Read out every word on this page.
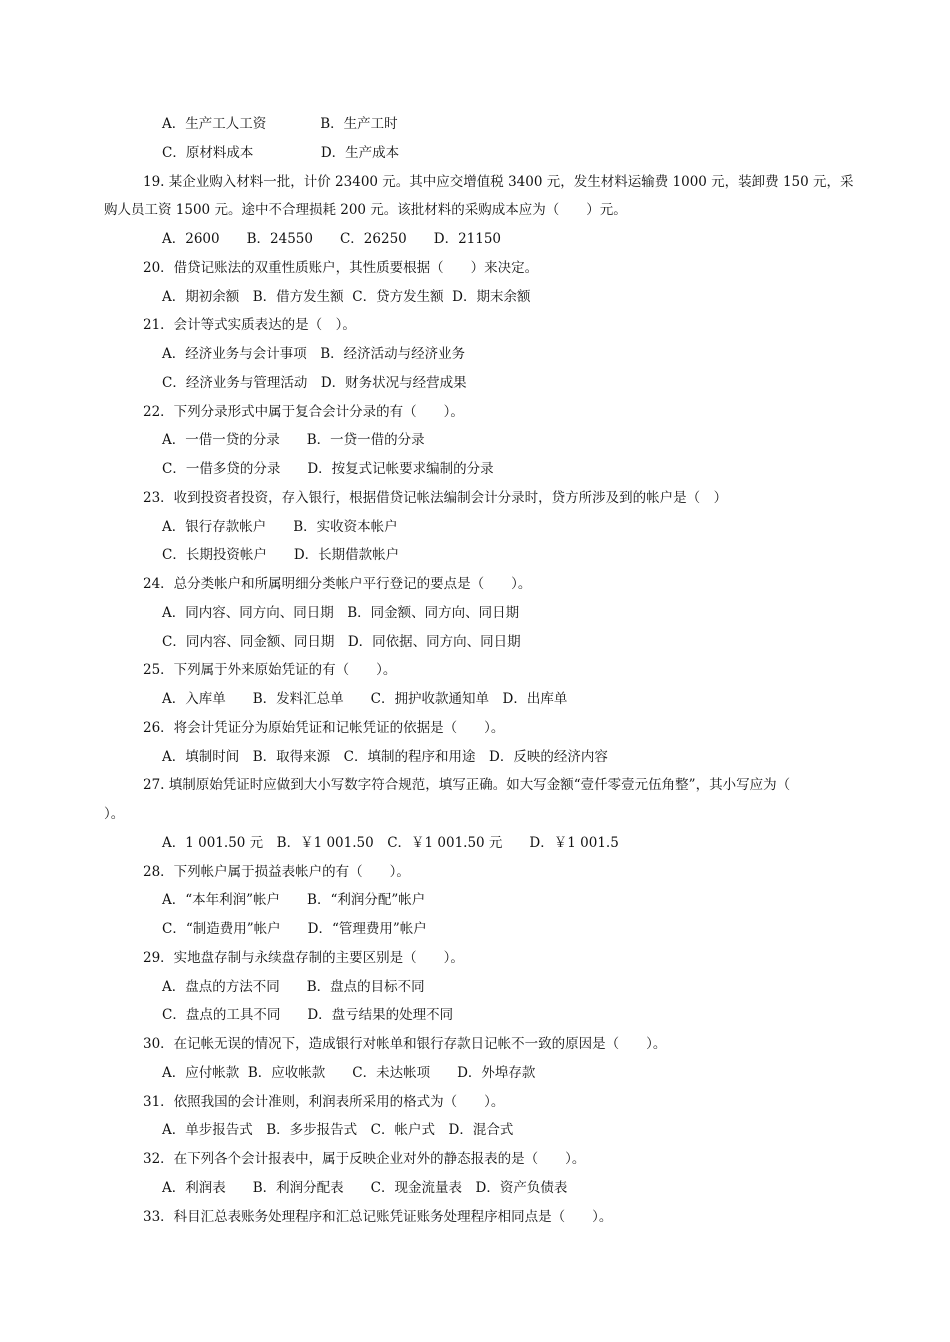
A．生产工人工资　　　　B．生产工时
C．原材料成本　　　　　D．生产成本
19. 某企业购入材料一批，计价 23400 元。其中应交增值税 3400 元，发生材料运输费 1000 元，装卸费 150 元，采
购人员工资 1500 元。途中不合理损耗 200 元。该批材料的采购成本应为（　　）元。
A．2600　　B．24550　　C．26250　　D．21150
20．借贷记账法的双重性质账户，其性质要根据（　　）来决定。
A．期初余额　B．借方发生额  C．贷方发生额  D．期末余额
21．会计等式实质表达的是（　）。
A．经济业务与会计事项　B．经济活动与经济业务
C．经济业务与管理活动　D．财务状况与经营成果
22．下列分录形式中属于复合会计分录的有（　　）。
A．一借一贷的分录　　B．一贷一借的分录
C．一借多贷的分录　　D．按复式记帐要求编制的分录
23．收到投资者投资，存入银行，根据借贷记帐法编制会计分录时，贷方所涉及到的帐户是（　）
A．银行存款帐户　　B．实收资本帐户
C．长期投资帐户　　D．长期借款帐户
24．总分类帐户和所属明细分类帐户平行登记的要点是（　　）。
A．同内容、同方向、同日期　B．同金额、同方向、同日期
C．同内容、同金额、同日期　D．同依据、同方向、同日期
25．下列属于外来原始凭证的有（　　）。
A．入库单　　B．发料汇总单　　C．拥护收款通知单　D．出库单
26．将会计凭证分为原始凭证和记帐凭证的依据是（　　）。
A．填制时间　B．取得来源　C．填制的程序和用途　D．反映的经济内容
27. 填制原始凭证时应做到大小写数字符合规范，填写正确。如大写金额“壹仟零壹元伍角整”，其小写应为（
）。
A．1 001.50 元　B．￥1 001.50　C．￥1 001.50 元　　D．￥1 001.5
28．下列帐户属于损益表帐户的有（　　）。
A．“本年利润”帐户　　B．“利润分配”帐户
C．“制造费用”帐户　　D．“管理费用”帐户
29．实地盘存制与永续盘存制的主要区别是（　　）。
A．盘点的方法不同　　B．盘点的目标不同
C．盘点的工具不同　　D．盘亏结果的处理不同
30．在记帐无误的情况下，造成银行对帐单和银行存款日记帐不一致的原因是（　　）。
A．应付帐款  B．应收帐款　　C．未达帐项　　D．外埠存款
31．依照我国的会计准则，利润表所采用的格式为（　　）。
A．单步报告式　B．多步报告式　C．帐户式　D．混合式
32．在下列各个会计报表中，属于反映企业对外的静态报表的是（　　）。
A．利润表　　B．利润分配表　　C．现金流量表　D．资产负债表
33．科目汇总表账务处理程序和汇总记账凭证账务处理程序相同点是（　　）。
